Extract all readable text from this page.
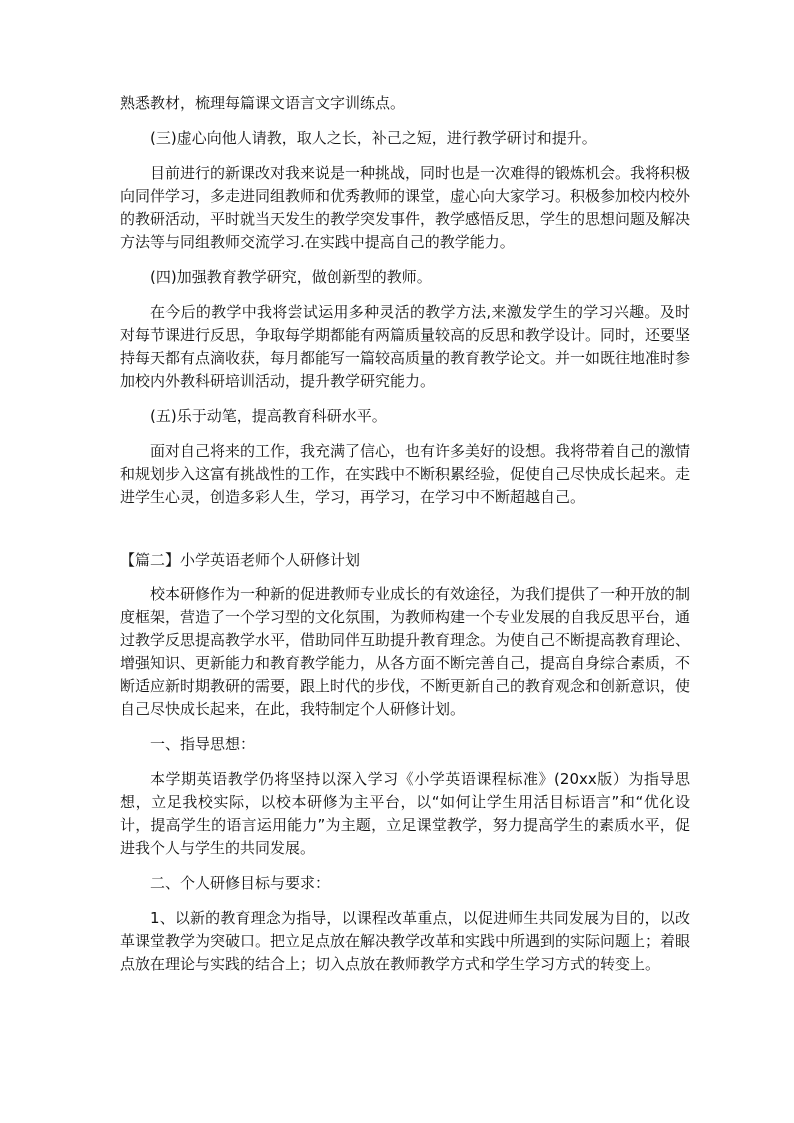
熟悉教材，梳理每篇课文语言文字训练点。

(三)虚心向他人请教，取人之长，补己之短，进行教学研讨和提升。

目前进行的新课改对我来说是一种挑战，同时也是一次难得的锻炼机会。我将积极向同伴学习，多走进同组教师和优秀教师的课堂，虚心向大家学习。积极参加校内校外的教研活动，平时就当天发生的教学突发事件，教学感悟反思，学生的思想问题及解决方法等与同组教师交流学习.在实践中提高自己的教学能力。

(四)加强教育教学研究，做创新型的教师。

在今后的教学中我将尝试运用多种灵活的教学方法,来激发学生的学习兴趣。及时对每节课进行反思，争取每学期都能有两篇质量较高的反思和教学设计。同时，还要坚持每天都有点滴收获，每月都能写一篇较高质量的教育教学论文。并一如既往地准时参加校内外教科研培训活动，提升教学研究能力。

(五)乐于动笔，提高教育科研水平。

面对自己将来的工作，我充满了信心，也有许多美好的设想。我将带着自己的激情和规划步入这富有挑战性的工作，在实践中不断积累经验，促使自己尽快成长起来。走进学生心灵，创造多彩人生，学习，再学习，在学习中不断超越自己。

【篇二】小学英语老师个人研修计划

校本研修作为一种新的促进教师专业成长的有效途径，为我们提供了一种开放的制度框架，营造了一个学习型的文化氛围，为教师构建一个专业发展的自我反思平台，通过教学反思提高教学水平，借助同伴互助提升教育理念。为使自己不断提高教育理论、增强知识、更新能力和教育教学能力，从各方面不断完善自己，提高自身综合素质，不断适应新时期教研的需要，跟上时代的步伐，不断更新自己的教育观念和创新意识，使自己尽快成长起来，在此，我特制定个人研修计划。

一、指导思想：

本学期英语教学仍将坚持以深入学习《小学英语课程标准》(20xx版）为指导思想，立足我校实际，以校本研修为主平台，以“如何让学生用活目标语言”和“优化设计，提高学生的语言运用能力”为主题，立足课堂教学，努力提高学生的素质水平，促进我个人与学生的共同发展。

二、个人研修目标与要求：

1、以新的教育理念为指导，以课程改革重点，以促进师生共同发展为目的，以改革课堂教学为突破口。把立足点放在解决教学改革和实践中所遇到的实际问题上；着眼点放在理论与实践的结合上；切入点放在教师教学方式和学生学习方式的转变上。
